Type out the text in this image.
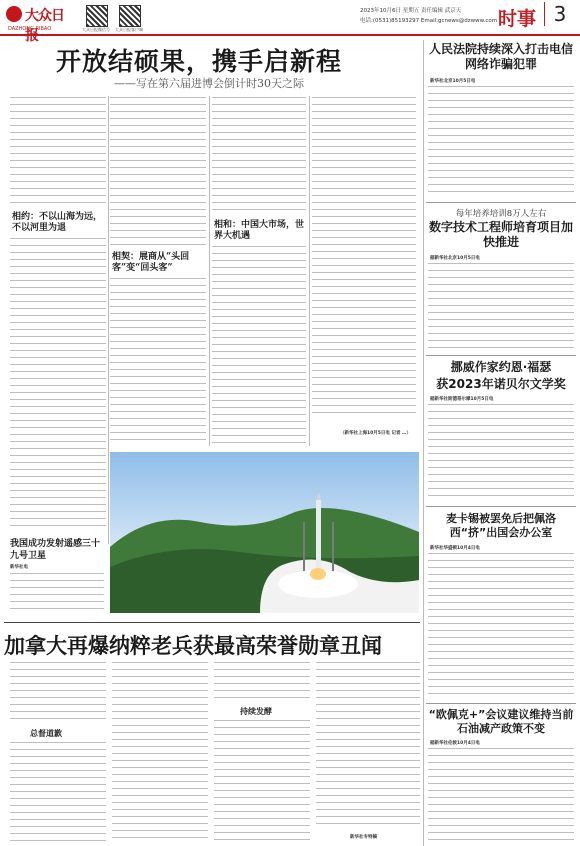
大众日报
DAZHONG RIBAO	大众日报微信号 大众日报客户端
2023年10月6日 星期五 责任编辑 武京天
电话:(0531)85193297 Email:gcnews@dzwww.com 时事 3
开放结硕果，携手启新程
——写在第六届进博会倒计时30天之际
相约：不以山海为远，不以河里为退
相契：展商从“头回客”变“回头客”
相和：中国大市场，世界大机遇
（新华社上海10月5日电 记者 …）
我国成功发射遥感三十九号卫星
新华社电
人民法院持续深入打击电信网络诈骗犯罪
新华社北京10月5日电
每年培养培训8万人左右
数字技术工程师培育项目加快推进
据新华社北京10月5日电
挪威作家约恩·福瑟
获2023年诺贝尔文学奖
据新华社斯德哥尔摩10月5日电
麦卡锡被罢免后把佩洛西“挤”出国会办公室
新华社华盛顿10月4日电
“欧佩克+”会议建议维持当前石油减产政策不变
据新华社伦敦10月4日电
加拿大再爆纳粹老兵获最高荣誉勋章丑闻
总督道歉
持续发酵
新华社专特稿
